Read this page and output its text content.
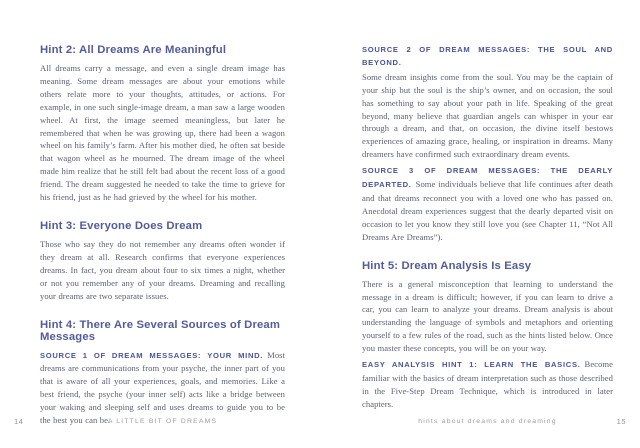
Hint 2: All Dreams Are Meaningful

All dreams carry a message, and even a single dream image has meaning. Some dream messages are about your emotions while others relate more to your thoughts, attitudes, or actions. For example, in one such single-image dream, a man saw a large wooden wheel. At first, the image seemed meaningless, but later he remembered that when he was growing up, there had been a wagon wheel on his family’s farm. After his mother died, he often sat beside that wagon wheel as he mourned. The dream image of the wheel made him realize that he still felt bad about the recent loss of a good friend. The dream suggested he needed to take the time to grieve for his friend, just as he had grieved by the wheel for his mother.

Hint 3: Everyone Does Dream

Those who say they do not remember any dreams often wonder if they dream at all. Research confirms that everyone experiences dreams. In fact, you dream about four to six times a night, whether or not you remember any of your dreams. Dreaming and recalling your dreams are two separate issues.

Hint 4: There Are Several Sources of Dream Messages

SOURCE 1 OF DREAM MESSAGES: YOUR MIND. Most dreams are communications from your psyche, the inner part of you that is aware of all your experiences, goals, and memories. Like a best friend, the psyche (your inner self) acts like a bridge between your waking and sleeping self and uses dreams to guide you to be the best you can be.

14	A LITTLE BIT OF DREAMS

SOURCE 2 OF DREAM MESSAGES: THE SOUL AND BEYOND.
Some dream insights come from the soul. You may be the captain of your ship but the soul is the ship’s owner, and on occasion, the soul has something to say about your path in life. Speaking of the great beyond, many believe that guardian angels can whisper in your ear through a dream, and that, on occasion, the divine itself bestows experiences of amazing grace, healing, or inspiration in dreams. Many dreamers have confirmed such extraordinary dream events.

SOURCE 3 OF DREAM MESSAGES: THE DEARLY DEPARTED. Some individuals believe that life continues after death and that dreams reconnect you with a loved one who has passed on. Anecdotal dream experiences suggest that the dearly departed visit on occasion to let you know they still love you (see Chapter 11, “Not All Dreams Are Dreams”).

Hint 5: Dream Analysis Is Easy

There is a general misconception that learning to understand the message in a dream is difficult; however, if you can learn to drive a car, you can learn to analyze your dreams. Dream analysis is about understanding the language of symbols and metaphors and orienting yourself to a few rules of the road, such as the hints listed below. Once you master these concepts, you will be on your way.

EASY ANALYSIS HINT 1: LEARN THE BASICS. Become familiar with the basics of dream interpretation such as those described in the Five-Step Dream Technique, which is introduced in later chapters.

hints about dreams and dreaming	15
